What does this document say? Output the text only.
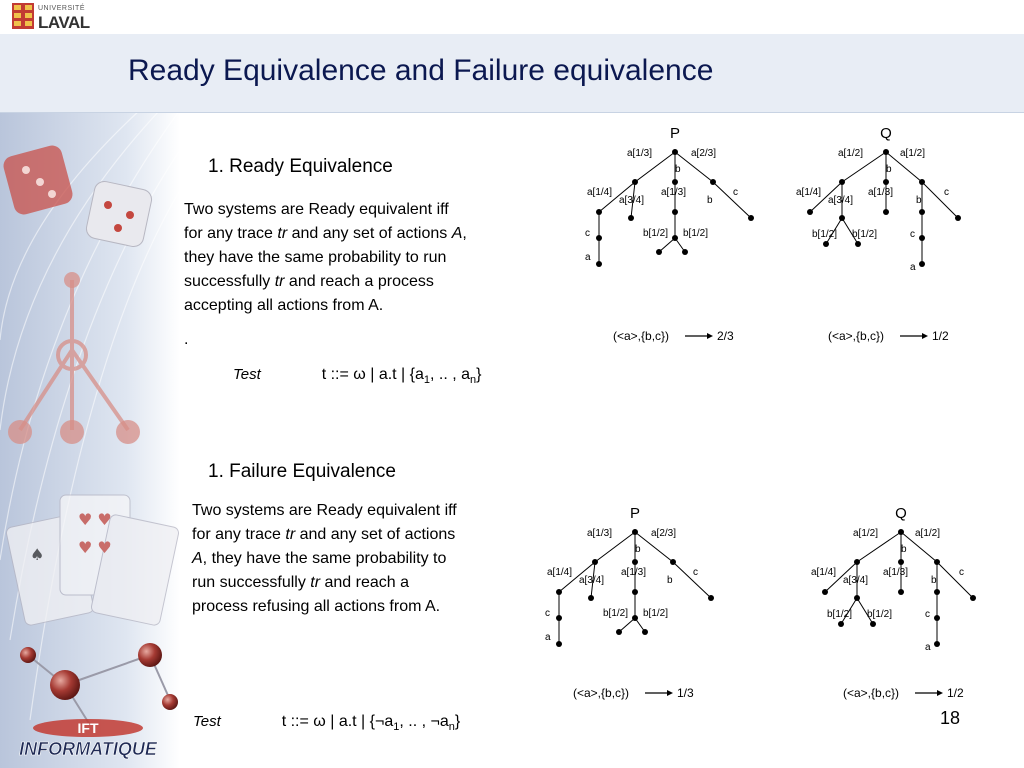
♥ ♥
♥ ♥
♠
UNIVERSITÉ
LAVAL
Ready Equivalence and Failure equivalence
1. Ready Equivalence
Two systems are Ready equivalent iff
for any trace tr and any set of actions A,
they have the same probability to run
successfully tr and reach a process
accepting all actions from A.
.
Test	t ::= ω | a.t | {$a_1$, .. , $a_n$}
1. Failure Equivalence
Two systems are Ready equivalent iff
for any trace tr and any set of actions
A, they have the same probability to
run successfully tr and reach a
process refusing all actions from A.
Test	t ::= ω | a.t | {$\neg a_1$, .. , $\neg a_n$}
P
a[1/3]	a[2/3]
b
a[1/4]
a[3/4]
a[1/3]
b
c
c	b[1/2] b[1/2]
a
(<a>,{b,c})	2/3
Q
a[1/2]	a[1/2]
b
a[1/4]
a[3/4]
a[1/3]	c
b
b[1/2] b[1/2]	c
a
(<a>,{b,c})	1/2
P
a[1/3]	a[2/3]
b
a[1/4]
a[3/4]
a[1/3]
b
c
c	b[1/2] b[1/2]
a
(<a>,{b,c})	1/3
Q
a[1/2]	a[1/2]
b
a[1/4]
a[3/4]
a[1/3]	c
b
b[1/2] b[1/2]	c
a
(<a>,{b,c})	1/2
18
IFT
INFORMATIQUE
